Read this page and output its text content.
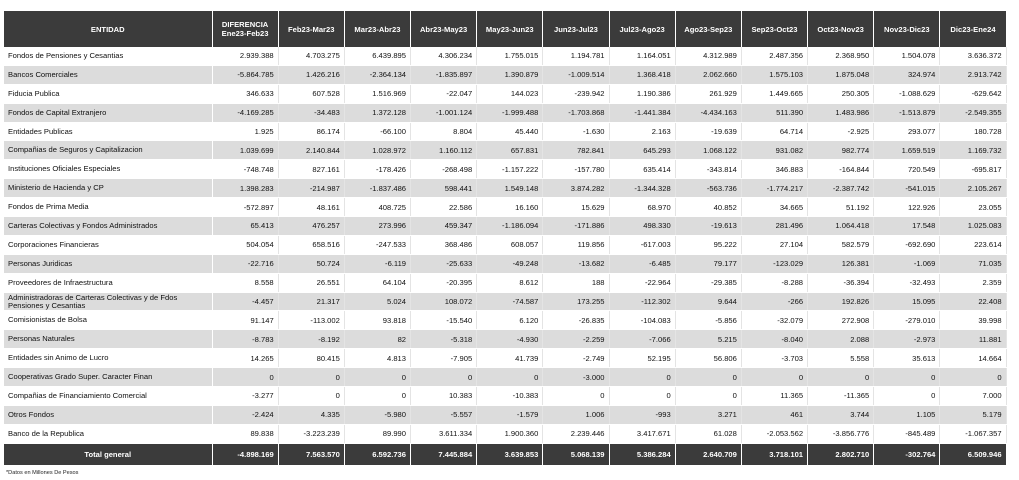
ENTIDAD	DIFERENCIA
Ene23-Feb23	Feb23-Mar23	Mar23-Abr23	Abr23-May23	May23-Jun23	Jun23-Jul23	Jul23-Ago23	Ago23-Sep23	Sep23-Oct23	Oct23-Nov23	Nov23-Dic23	Dic23-Ene24

Fondos de Pensiones y Cesantias	2.939.388	4.703.275	6.439.895	4.306.234	1.755.015	1.194.781	1.164.051	4.312.989	2.487.356	2.368.950	1.504.078	3.636.372
Bancos Comerciales	-5.864.785	1.426.216	-2.364.134	-1.835.897	1.390.879	-1.009.514	1.368.418	2.062.660	1.575.103	1.875.048	324.974	2.913.742
Fiducia Publica	346.633	607.528	1.516.969	-22.047	144.023	-239.942	1.190.386	261.929	1.449.665	250.305	-1.088.629	-629.642
Fondos de Capital Extranjero	-4.169.285	-34.483	1.372.128	-1.001.124	-1.999.488	-1.703.868	-1.441.384	-4.434.163	511.390	1.483.986	-1.513.879	-2.549.355
Entidades Publicas	1.925	86.174	-66.100	8.804	45.440	-1.630	2.163	-19.639	64.714	-2.925	293.077	180.728
Compañias de Seguros y Capitalizacion	1.039.699	2.140.844	1.028.972	1.160.112	657.831	782.841	645.293	1.068.122	931.082	982.774	1.659.519	1.169.732
Instituciones Oficiales Especiales	-748.748	827.161	-178.426	-268.498	-1.157.222	-157.780	635.414	-343.814	346.883	-164.844	720.549	-695.817
Ministerio de Hacienda y CP	1.398.283	-214.987	-1.837.486	598.441	1.549.148	3.874.282	-1.344.328	-563.736	-1.774.217	-2.387.742	-541.015	2.105.267
Fondos de Prima Media	-572.897	48.161	408.725	22.586	16.160	15.629	68.970	40.852	34.665	51.192	122.926	23.055
Carteras Colectivas y Fondos Administrados	65.413	476.257	273.996	459.347	-1.186.094	-171.886	498.330	-19.613	281.496	1.064.418	17.548	1.025.083
Corporaciones Financieras	504.054	658.516	-247.533	368.486	608.057	119.856	-617.003	95.222	27.104	582.579	-692.690	223.614
Personas Juridicas	-22.716	50.724	-6.119	-25.633	-49.248	-13.682	-6.485	79.177	-123.029	126.381	-1.069	71.035
Proveedores de Infraestructura	8.558	26.551	64.104	-20.395	8.612	188	-22.964	-29.385	-8.288	-36.394	-32.493	2.359
Administradoras de Carteras Colectivas y de Fdos Pensiones y Cesantias	-4.457	21.317	5.024	108.072	-74.587	173.255	-112.302	9.644	-266	192.826	15.095	22.408
Comisionistas de Bolsa	91.147	-113.002	93.818	-15.540	6.120	-26.835	-104.083	-5.856	-32.079	272.908	-279.010	39.998
Personas Naturales	-8.783	-8.192	82	-5.318	-4.930	-2.259	-7.066	5.215	-8.040	2.088	-2.973	11.881
Entidades sin Animo de Lucro	14.265	80.415	4.813	-7.905	41.739	-2.749	52.195	56.806	-3.703	5.558	35.613	14.664
Cooperativas Grado Super. Caracter Finan	0	0	0	0	0	-3.000	0	0	0	0	0	0
Compañias de Financiamiento Comercial	-3.277	0	0	10.383	-10.383	0	0	0	11.365	-11.365	0	7.000
Otros Fondos	-2.424	4.335	-5.980	-5.557	-1.579	1.006	-993	3.271	461	3.744	1.105	5.179
Banco de la Republica	89.838	-3.223.239	89.990	3.611.334	1.900.360	2.239.446	3.417.671	61.028	-2.053.562	-3.856.776	-845.489	-1.067.357
Total general	-4.898.169	7.563.570	6.592.736	7.445.884	3.639.853	5.068.139	5.386.284	2.640.709	3.718.101	2.802.710	-302.764	6.509.946
*Datos en Millones De Pesos
